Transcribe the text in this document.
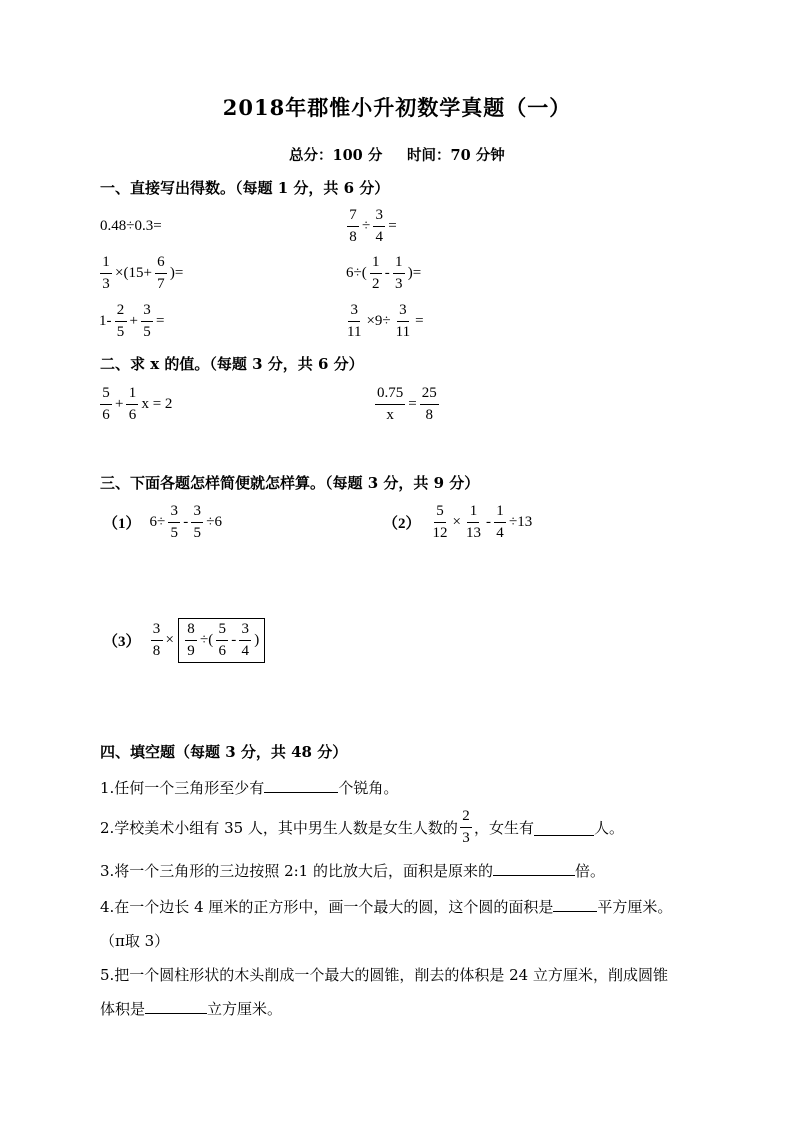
2018年郡惟小升初数学真题（一）
总分：100 分 时间：70 分钟
一、直接写出得数。（每题 1 分，共 6 分）
0.48÷0.3=	$\frac{7}{8} \div \frac{3}{4}$ =
$\frac{1}{3} \times(15+ \frac{6}{7}$ )=	$6\div( \frac{1}{2} - \frac{1}{3}$ )=
$1- \frac{2}{5} + \frac{3}{5}$ =	$\frac{3}{11} \times 9\div \frac{3}{11}$ =
二、求 x 的值。（每题 3 分，共 6 分）
$\frac{5}{6} + \frac{1}{6}$ x = 2	$\frac{0.75}{x} = \frac{25}{8}$
三、下面各题怎样简便就怎样算。（每题 3 分，共 9 分）
（1） $6\div \frac{3}{5} - \frac{3}{5} \div 6$	$(2) \frac{5}{12} \times \frac{1}{13} - \frac{1}{4} \div 13$
$(3) \frac{3}{8} \times \frac{8}{9}$ ÷( $\frac{5}{6} - \frac{3}{4}$ )
四、填空题（每题 3 分，共 48 分）
1.任何一个三角形至少有	个锐角。
2.学校美术小组有 35 人，其中男生人数是女生人数的 $\frac{2}{3}$ ，女生有	人。
3.将一个三角形的三边按照 2:1 的比放大后，面积是原来的	倍。
4.在一个边长 4 厘米的正方形中，画一个最大的圆，这个圆的面积是	平方厘米。
（π取 3）
5.把一个圆柱形状的木头削成一个最大的圆锥，削去的体积是 24 立方厘米，削成圆锥
体积是	立方厘米。
